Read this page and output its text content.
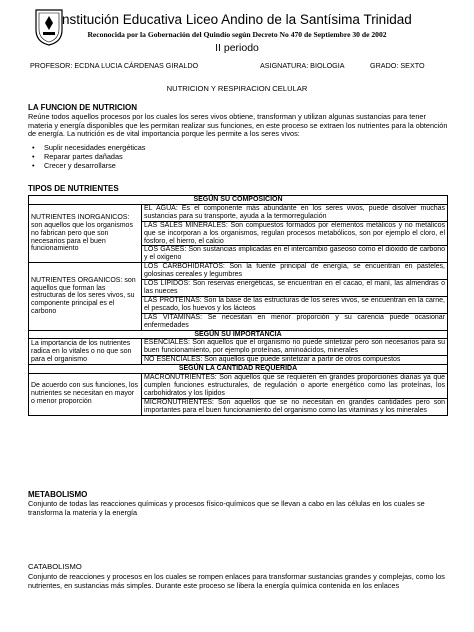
nstitución Educativa Liceo Andino de la Santísima Trinidad
Reconocida por la Gobernación del Quindío según Decreto No 470 de Septiembre 30 de 2002
II periodo
PROFESOR: ECDNA LUCIA CÁRDENAS GIRALDO	ASIGNATURA: BIOLOGIA	GRADO: SEXTO
NUTRICION Y RESPIRACION CELULAR
LA FUNCION DE NUTRICION
Reúne todos aquellos procesos por los cuales los seres vivos obtiene, transforman y utilizan algunas sustancias para tener materia y energía disponibles que les permitan realizar sus funciones, en este proceso se extraen los nutrientes para la obtención de energía. La nutrición es de vital importancia porque les permite a los seres vivos:
• Suplir necesidades energéticas
• Reparar partes dañadas
• Crecer y desarrollarse
TIPOS DE NUTRIENTES
SEGÚN SU COMPOSICION	
NUTRIENTES INORGANICOS: son aquellos que los organismos no fabrican pero que son necesarios para el buen funcionamiento	EL AGUA: Es el componente más abundante en los seres vivos, puede disolver muchas sustancias para su transporte, ayuda a la termorregulación
	LAS SALES MINERALES: Son compuestos formados por elementos metálicos y no metálicos que se incorporan a los organismos, regulan procesos metabólicos, son por ejemplo el cloro, el fosforo, el hierro, el calcio
	LOS GASES: Son sustancias implicadas en el intercambio gaseoso como el dióxido de carbono y el oxigeno
NUTRIENTES ORGANICOS: son aquellos que forman las estructuras de los seres vivos, su componente principal es el carbono	LOS CARBOHIDRATOS: Son la fuente principal de energía, se encuentran en pasteles, golosinas cereales y legumbres
	LOS LIPIDOS: Son reservas energéticas, se encuentran en el cacao, el maní, las almendras o las nueces
	LAS PROTEINAS: Son la base de las estructuras de los seres vivos, se encuentran en la carne, el pescado, los huevos y los lácteos
	LAS VITAMINAS: Se necesitan en menor proporción y su carencia puede ocasionar enfermedades
SEGÚN SU IMPORTANCIA	
La importancia de los nutrientes radica en lo vitales o no que son para el organismo	ESENCIALES: Son aquellos que el organismo no puede sintetizar pero son necesarios para su buen funcionamiento, por ejemplo proteínas, aminoácidos, minerales
	NO ESENCIALES: Son aquellos que puede sintetizar a partir de otros compuestos
SEGÚN LA CANTIDAD REQUERIDA	
De acuerdo con sus funciones, los nutrientes se necesitan en mayor o menor proporción	MACRONUTRIENTES: Son aquellos que se requieren en grandes proporciones diarias ya que cumplen funciones estructurales, de regulación o aporte energético como las proteínas, los carbohidratos y los lípidos
	MICRONUTRIENTES: Son aquellos que se no necesitan en grandes cantidades pero son importantes para el buen funcionamiento del organismo como las vitaminas y los minerales
METABOLISMO
Conjunto de todas las reacciones químicas y procesos físico-químicos que se llevan a cabo en las células en los cuales se transforma la materia y la energía
CATABOLISMO
Conjunto de reacciones y procesos en los cuales se rompen enlaces para transformar sustancias grandes y complejas, como los nutrientes, en sustancias más simples. Durante este proceso se libera la energía química contenida en los enlaces
